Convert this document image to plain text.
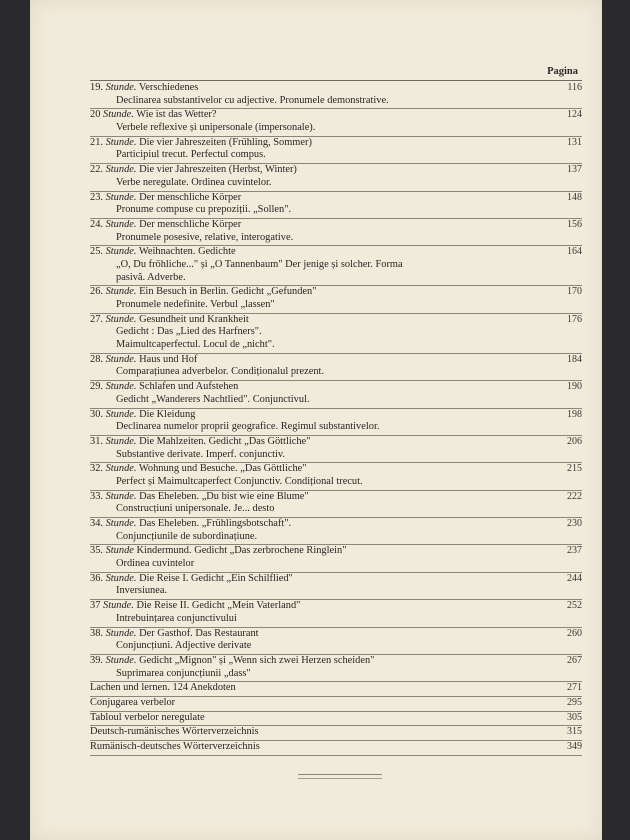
Pagina
19. Stunde. Verschiedenes	116
Declinarea substantivelor cu adjective. Pronumele demonstrative.
20 Stunde. Wie ist das Wetter?	124
Verbele reflexive și unipersonale (impersonale).
21. Stunde. Die vier Jahreszeiten (Frühling, Sommer)	131
Participiul trecut. Perfectul compus.
22. Stunde. Die vier Jahreszeiten (Herbst, Winter)	137
Verbe neregulate. Ordinea cuvintelor.
23. Stunde. Der menschliche Körper	148
Pronume compuse cu prepoziții. „Sollen".
24. Stunde. Der menschliche Körper	156
Pronumele posesive, relative, interogative.
25. Stunde. Weihnachten. Gedichte	164
„O, Du fröhliche..." și „O Tannenbaum" Der jenige și solcher. Forma
pasivă. Adverbe.
26. Stunde. Ein Besuch in Berlin. Gedicht „Gefunden"	170
Pronumele nedefinite. Verbul „lassen"
27. Stunde. Gesundheit und Krankheit	176
Gedicht : Das „Lied des Harfners".
Maimultcaperfectul. Locul de „nicht".
28. Stunde. Haus und Hof	184
Comparațiunea adverbelor. Condiționalul prezent.
29. Stunde. Schlafen und Aufstehen	190
Gedicht „Wanderers Nachtlied". Conjunctivul.
30. Stunde. Die Kleidung	198
Declinarea numelor proprii geografice. Regimul substantivelor.
31. Stunde. Die Mahlzeiten. Gedicht „Das Göttliche"	206
Substantive derivate. Imperf. conjunctiv.
32. Stunde. Wohnung und Besuche. „Das Göttliche"	215
Perfect și Maimultcaperfect Conjunctiv. Condițional trecut.
33. Stunde. Das Eheleben. „Du bist wie eine Blume"	222
Construcțiuni unipersonale. Je... desto
34. Stunde. Das Eheleben. „Frühlingsbotschaft".	230
Conjuncțiunile de subordinațiune.
35. Stunde Kindermund. Gedicht „Das zerbrochene Ringlein"	237
Ordinea cuvintelor
36. Stunde. Die Reise I. Gedicht „Ein Schilflied"	244
Inversiunea.
37 Stunde. Die Reise II. Gedicht „Mein Vaterland"	252
Intrebuințarea conjunctivului
38. Stunde. Der Gasthof. Das Restaurant	260
Conjuncțiuni. Adjective derivate
39. Stunde. Gedicht „Mignon" și „Wenn sich zwei Herzen scheiden"	267
Suprimarea conjuncțiunii „dass"
Lachen und lernen. 124 Anekdoten	271
Conjugarea verbelor	295
Tabloul verbelor neregulate	305
Deutsch-rumänisches Wörterverzeichnis	315
Rumänisch-deutsches Wörterverzeichnis	349
